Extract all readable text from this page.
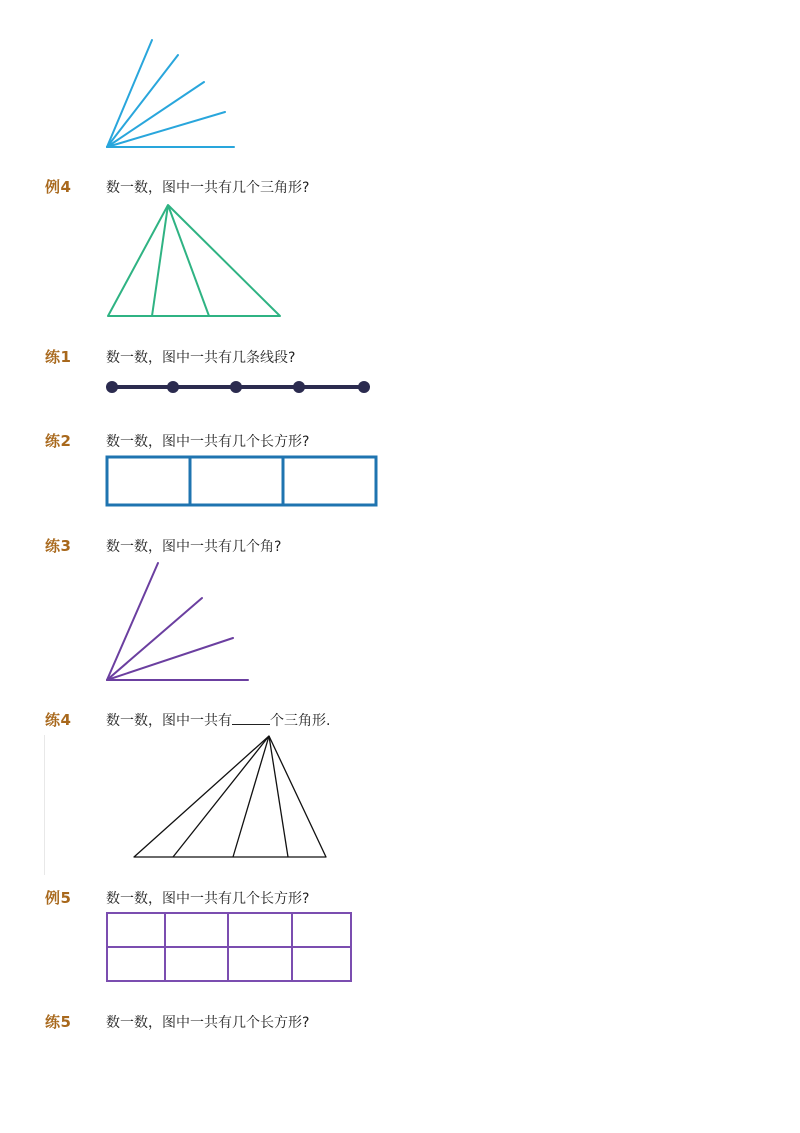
例4 数一数，图中一共有几个三角形?
练1 数一数，图中一共有几条线段?
练2 数一数，图中一共有几个长方形?
练3 数一数，图中一共有几个角?
练4 数一数，图中一共有	个三角形.
例5 数一数，图中一共有几个长方形?
练5 数一数，图中一共有几个长方形?
